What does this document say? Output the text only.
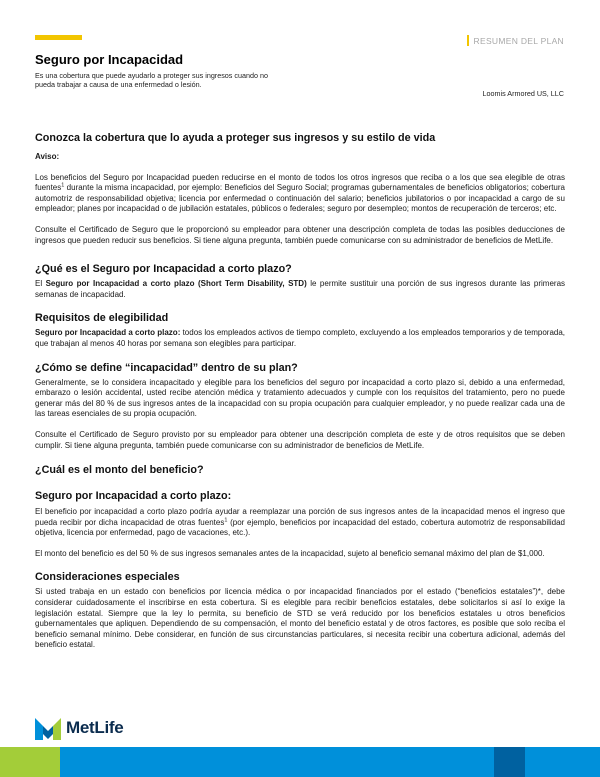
RESUMEN DEL PLAN
Seguro por Incapacidad
Es una cobertura que puede ayudarlo a proteger sus ingresos cuando no pueda trabajar a causa de una enfermedad o lesión.
Loomis Armored US, LLC
Conozca la cobertura que lo ayuda a proteger sus ingresos y su estilo de vida

Aviso:

Los beneficios del Seguro por Incapacidad pueden reducirse en el monto de todos los otros ingresos que reciba o a los que sea elegible de otras fuentes$^1$ durante la misma incapacidad, por ejemplo: Beneficios del Seguro Social; programas gubernamentales de beneficios obligatorios; cobertura automotriz de responsabilidad objetiva; licencia por enfermedad o continuación del salario; beneficios jubilatorios o por incapacidad a cargo de su empleador; planes por incapacidad o de jubilación estatales, públicos o federales; seguro por desempleo; montos de recuperación de terceros; etc.

Consulte el Certificado de Seguro que le proporcionó su empleador para obtener una descripción completa de todas las posibles deducciones de ingresos que pueden reducir sus beneficios. Si tiene alguna pregunta, también puede comunicarse con su administrador de beneficios de MetLife.

¿Qué es el Seguro por Incapacidad a corto plazo?

El Seguro por Incapacidad a corto plazo (Short Term Disability, STD) le permite sustituir una porción de sus ingresos durante las primeras semanas de incapacidad.

Requisitos de elegibilidad

Seguro por Incapacidad a corto plazo: todos los empleados activos de tiempo completo, excluyendo a los empleados temporarios y de temporada, que trabajan al menos 40 horas por semana son elegibles para participar.

¿Cómo se define “incapacidad” dentro de su plan?

Generalmente, se lo considera incapacitado y elegible para los beneficios del seguro por incapacidad a corto plazo si, debido a una enfermedad, embarazo o lesión accidental, usted recibe atención médica y tratamiento adecuados y cumple con los requisitos del tratamiento, pero no puede generar más del 80 % de sus ingresos antes de la incapacidad con su propia ocupación para cualquier empleador, y no puede realizar cada una de las tareas esenciales de su propia ocupación.

Consulte el Certificado de Seguro provisto por su empleador para obtener una descripción completa de este y de otros requisitos que se deben cumplir. Si tiene alguna pregunta, también puede comunicarse con su administrador de beneficios de MetLife.

¿Cuál es el monto del beneficio?
Seguro por Incapacidad a corto plazo:

El beneficio por incapacidad a corto plazo podría ayudar a reemplazar una porción de sus ingresos antes de la incapacidad menos el ingreso que pueda recibir por dicha incapacidad de otras fuentes$^1$ (por ejemplo, beneficios por incapacidad del estado, cobertura automotriz de responsabilidad objetiva, licencia por enfermedad, pago de vacaciones, etc.).

El monto del beneficio es del 50 % de sus ingresos semanales antes de la incapacidad, sujeto al beneficio semanal máximo del plan de $1,000.

Consideraciones especiales

Si usted trabaja en un estado con beneficios por licencia médica o por incapacidad financiados por el estado (“beneficios estatales”)*, debe considerar cuidadosamente el inscribirse en esta cobertura. Si es elegible para recibir beneficios estatales, debe solicitarlos si así lo exige la legislación estatal. Siempre que la ley lo permita, su beneficio de STD se verá reducido por los beneficios estatales u otros beneficios gubernamentales que apliquen. Dependiendo de su compensación, el monto del beneficio estatal y de otros factores, es posible que solo reciba el beneficio semanal mínimo. Debe considerar, en función de sus circunstancias particulares, si necesita recibir una cobertura adicional, además del beneficio estatal.

MetLife
